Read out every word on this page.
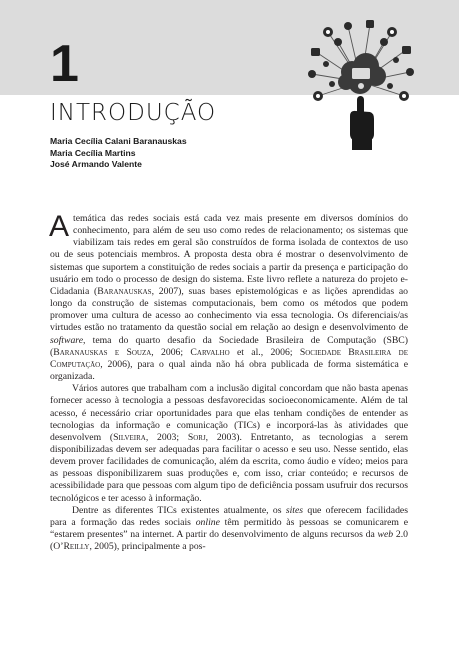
1
INTRODUÇÃO
Maria Cecília Calani Baranauskas
Maria Cecília Martins
José Armando Valente

A temática das redes sociais está cada vez mais presente em diversos domínios do conhecimento, para além de seu uso como redes de relacionamento; os sistemas que viabilizam tais redes em geral são construídos de forma isolada de contextos de uso ou de seus potenciais membros. A proposta desta obra é mostrar o desenvolvimento de sistemas que suportem a constituição de redes sociais a partir da presença e participação do usuário em todo o processo de design do sistema. Este livro reflete a natureza do projeto e-Cidadania (Baranauskas, 2007), suas bases epistemológicas e as lições aprendidas ao longo da construção de sistemas computacionais, bem como os métodos que podem promover uma cultura de acesso ao conhecimento via essa tecnologia. Os diferenciais/as virtudes estão no tratamento da questão social em relação ao design e desenvolvimento de software, tema do quarto desafio da Sociedade Brasileira de Computação (SBC) (Baranauskas e Souza, 2006; Carvalho et al., 2006; Sociedade Brasileira de Computação, 2006), para o qual ainda não há obra publicada de forma sistemática e organizada.

Vários autores que trabalham com a inclusão digital concordam que não basta apenas fornecer acesso à tecnologia a pessoas desfavorecidas socioeconomicamente. Além de tal acesso, é necessário criar oportunidades para que elas tenham condições de entender as tecnologias da informação e comunicação (TICs) e incorporá-las às atividades que desenvolvem (Silveira, 2003; Sorj, 2003). Entretanto, as tecnologias a serem disponibilizadas devem ser adequadas para facilitar o acesso e seu uso. Nesse sentido, elas devem prover facilidades de comunicação, além da escrita, como áudio e vídeo; meios para as pessoas disponibilizarem suas produções e, com isso, criar conteúdo; e recursos de acessibilidade para que pessoas com algum tipo de deficiência possam usufruir dos recursos tecnológicos e ter acesso à informação.

Dentre as diferentes TICs existentes atualmente, os sites que oferecem facilidades para a formação das redes sociais online têm permitido às pessoas se comunicarem e “estarem presentes” na internet. A partir do desenvolvimento de alguns recursos da web 2.0 (O’Reilly, 2005), principalmente a pos-
